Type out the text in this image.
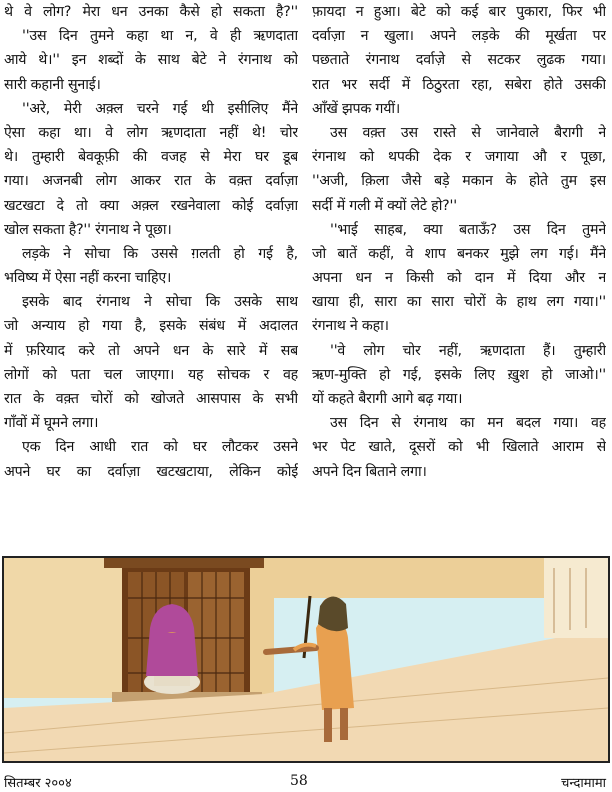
थे वे लोग? मेरा धन उनका कैसे हो सकता है?''
''उस दिन तुमने कहा था न, वे ही ऋणदाता
आये थे।'' इन शब्दों के साथ बेटे ने रंगनाथ को
सारी कहानी सुनाई।
''अरे, मेरी अक़्ल चरने गई थी इसीलिए मैंने
ऐसा कहा था। वे लोग ऋणदाता नहीं थे! चोर
थे। तुम्हारी बेवकूफ़ी की वजह से मेरा घर डूब
गया। अजनबी लोग आकर रात के वक़्त दर्वाज़ा
खटखटा दे तो क्या अक़्ल रखनेवाला कोई दर्वाज़ा
खोल सकता है?'' रंगनाथ ने पूछा।
लड़के ने सोचा कि उससे ग़लती हो गई है,
भविष्य में ऐसा नहीं करना चाहिए।
इसके बाद रंगनाथ ने सोचा कि उसके साथ
जो अन्याय हो गया है, इसके संबंध में अदालत
में फ़रियाद करे तो अपने धन के सारे में सब
लोगों को पता चल जाएगा। यह सोचक र वह
रात के वक़्त चोरों को खोजते आसपास के सभी
गाँवों में घूमने लगा।
एक दिन आधी रात को घर लौटकर उसने
अपने घर का दर्वाज़ा खटखटाया, लेकिन कोई
फ़ायदा न हुआ। बेटे को कई बार पुकारा, फिर भी
दर्वाज़ा न खुला। अपने लड़के की मूर्खता पर
पछताते रंगनाथ दर्वाज़े से सटकर लुढक गया।
रात भर सर्दी में ठिठुरता रहा, सबेरा होते उसकी
आँखें झपक गयीं।
उस वक़्त उस रास्ते से जानेवाले बैरागी ने
रंगनाथ को थपकी देक र जगाया औ र पूछा,
''अजी, क़िला जैसे बड़े मकान के होते तुम इस
सर्दी में गली में क्यों लेटे हो?''
''भाई साहब, क्या बताऊँ? उस दिन तुमने
जो बातें कहीं, वे शाप बनकर मुझे लग गई। मैंने
अपना धन न किसी को दान में दिया और न
खाया ही, सारा का सारा चोरों के हाथ लग गया।''
रंगनाथ ने कहा।
''वे लोग चोर नहीं, ऋणदाता हैं। तुम्हारी
ऋण-मुक्ति हो गई, इसके लिए ख़ुश हो जाओ।''
यों कहते बैरागी आगे बढ़ गया।
उस दिन से रंगनाथ का मन बदल गया। वह
भर पेट खाते, दूसरों को भी खिलाते आराम से
अपने दिन बिताने लगा।
सितम्बर २००४	58	चन्दामामा
